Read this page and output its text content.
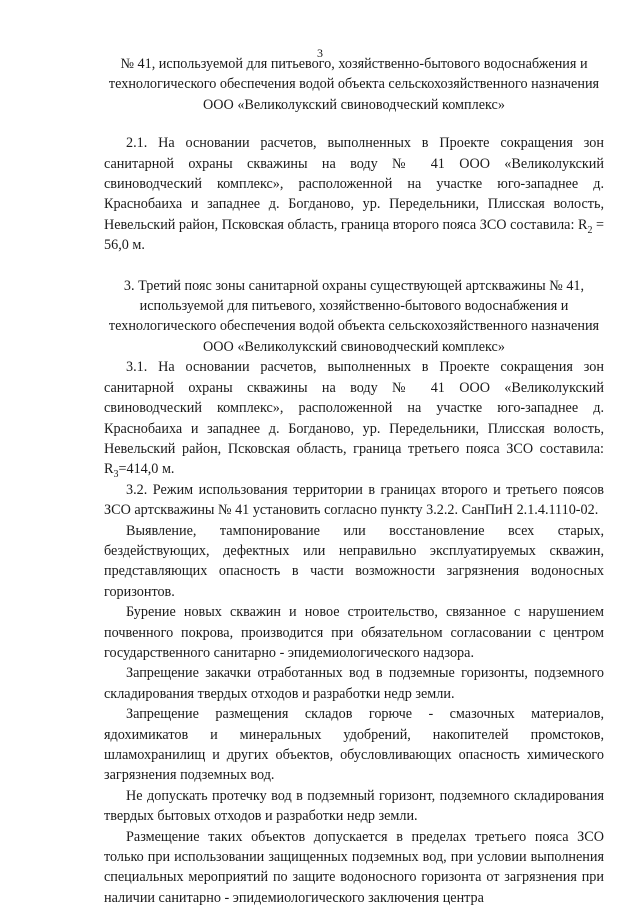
3
№ 41, используемой для питьевого, хозяйственно-бытового водоснабжения и технологического обеспечения водой объекта сельскохозяйственного назначения ООО «Великолукский свиноводческий комплекс»

2.1. На основании расчетов, выполненных в Проекте сокращения зон санитарной охраны скважины на воду № 41 ООО «Великолукский свиноводческий комплекс», расположенной на участке юго-западнее д. Краснобаиха и западнее д. Богданово, ур. Передельники, Плисская волость, Невельский район, Псковская область, граница второго пояса ЗСО составила: $R_2 = 56,0$ м.

3. Третий пояс зоны санитарной охраны существующей артскважины № 41, используемой для питьевого, хозяйственно-бытового водоснабжения и технологического обеспечения водой объекта сельскохозяйственного назначения ООО «Великолукский свиноводческий комплекс»

3.1. На основании расчетов, выполненных в Проекте сокращения зон санитарной охраны скважины на воду № 41 ООО «Великолукский свиноводческий комплекс», расположенной на участке юго-западнее д. Краснобаиха и западнее д. Богданово, ур. Передельники, Плисская волость, Невельский район, Псковская область, граница третьего пояса ЗСО составила: $R_3=414,0$ м.

3.2. Режим использования территории в границах второго и третьего поясов ЗСО артскважины № 41 установить согласно пункту 3.2.2. СанПиН 2.1.4.1110-02.

Выявление, тампонирование или восстановление всех старых, бездействующих, дефектных или неправильно эксплуатируемых скважин, представляющих опасность в части возможности загрязнения водоносных горизонтов.

Бурение новых скважин и новое строительство, связанное с нарушением почвенного покрова, производится при обязательном согласовании с центром государственного санитарно - эпидемиологического надзора.

Запрещение закачки отработанных вод в подземные горизонты, подземного складирования твердых отходов и разработки недр земли.

Запрещение размещения складов горюче - смазочных материалов, ядохимикатов и минеральных удобрений, накопителей промстоков, шламохранилищ и других объектов, обусловливающих опасность химического загрязнения подземных вод.

Не допускать протечку вод в подземный горизонт, подземного складирования твердых бытовых отходов и разработки недр земли.

Размещение таких объектов допускается в пределах третьего пояса ЗСО только при использовании защищенных подземных вод, при условии выполнения специальных мероприятий по защите водоносного горизонта от загрязнения при наличии санитарно - эпидемиологического заключения центра
